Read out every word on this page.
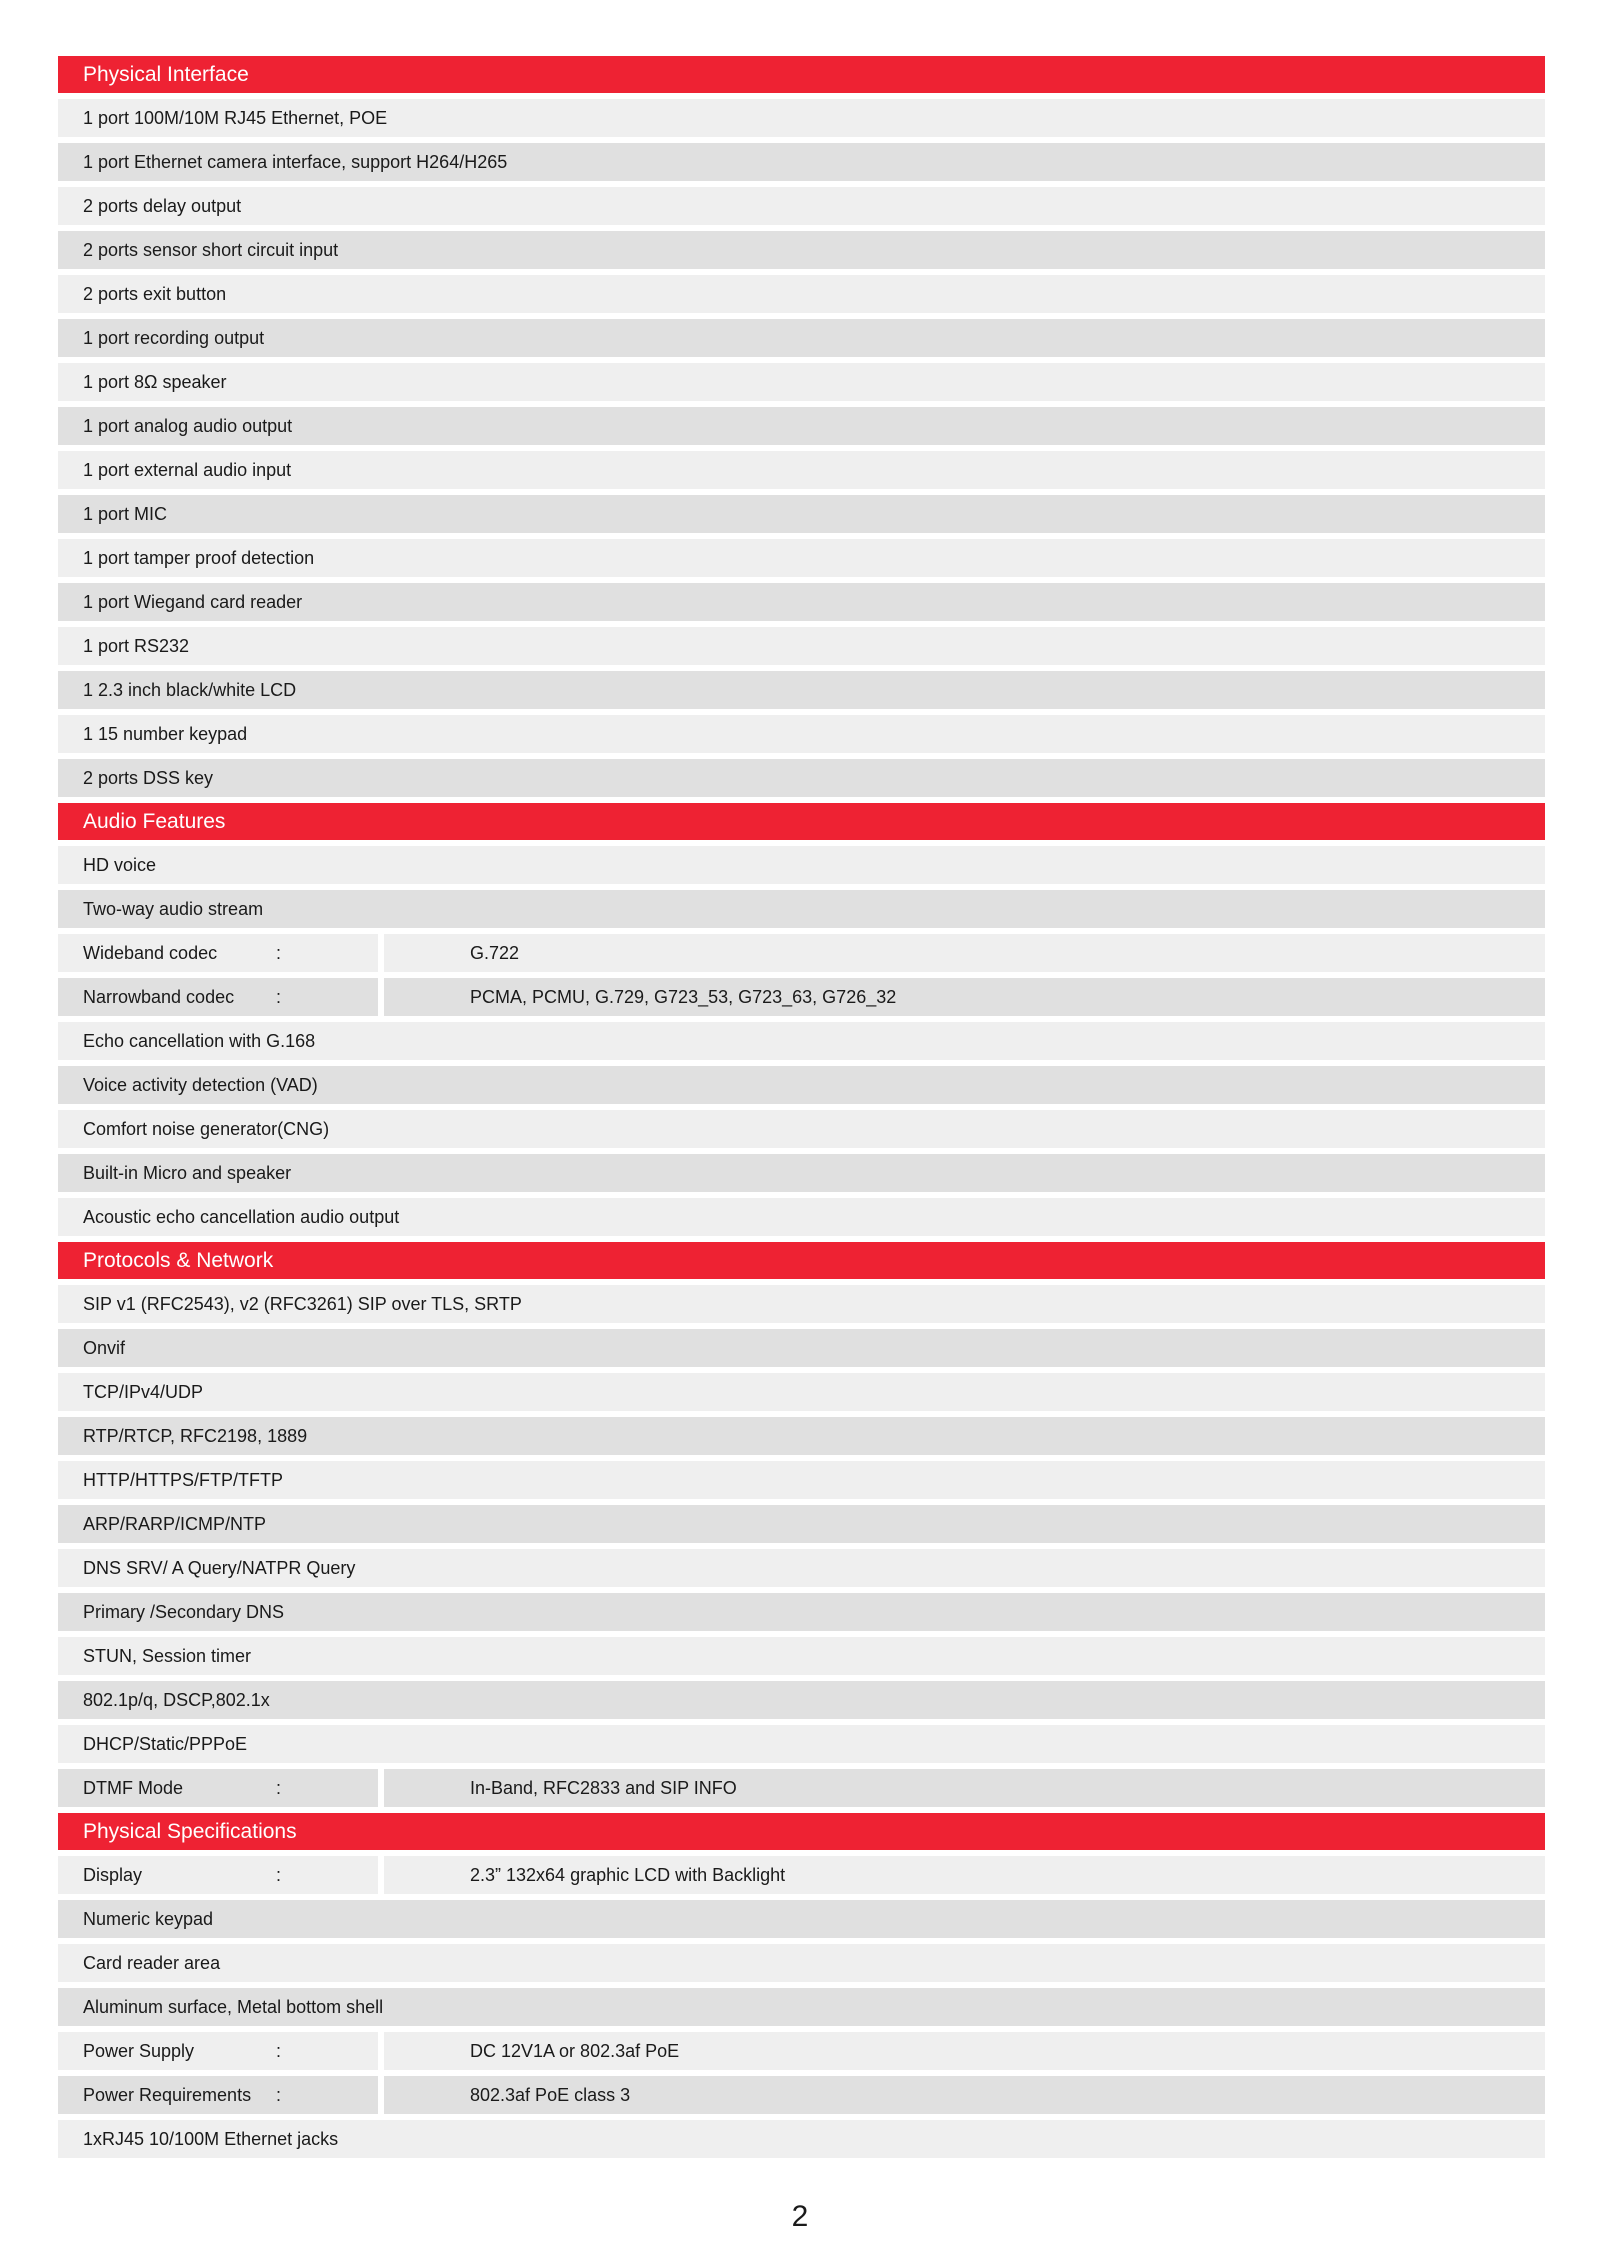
Physical Interface
1 port 100M/10M RJ45 Ethernet, POE
1 port Ethernet camera interface, support H264/H265
2 ports delay output
2 ports sensor short circuit input
2 ports exit button
1 port recording output
1 port 8Ω speaker
1 port analog audio output
1 port external audio input
1 port MIC
1 port tamper proof detection
1 port Wiegand card reader
1 port RS232
1 2.3 inch black/white LCD
1 15 number keypad
2 ports DSS key
Audio Features
HD voice
Two-way audio stream
Wideband codec	:	G.722
Narrowband codec :	PCMA, PCMU, G.729, G723_53, G723_63, G726_32
Echo cancellation with G.168
Voice activity detection (VAD)
Comfort noise generator(CNG)
Built-in Micro and speaker
Acoustic echo cancellation audio output
Protocols & Network
SIP v1 (RFC2543), v2 (RFC3261) SIP over TLS, SRTP
Onvif
TCP/IPv4/UDP
RTP/RTCP, RFC2198, 1889
HTTP/HTTPS/FTP/TFTP
ARP/RARP/ICMP/NTP
DNS SRV/ A Query/NATPR Query
Primary /Secondary DNS
STUN, Session timer
802.1p/q, DSCP,802.1x
DHCP/Static/PPPoE
DTMF Mode	:	In-Band, RFC2833 and SIP INFO
Physical Specifications
Display	:	2.3” 132x64 graphic LCD with Backlight
Numeric keypad
Card reader area
Aluminum surface, Metal bottom shell
Power Supply	:	DC 12V1A or 802.3af PoE
Power Requirements :	802.3af PoE class 3
1xRJ45 10/100M Ethernet jacks
2
